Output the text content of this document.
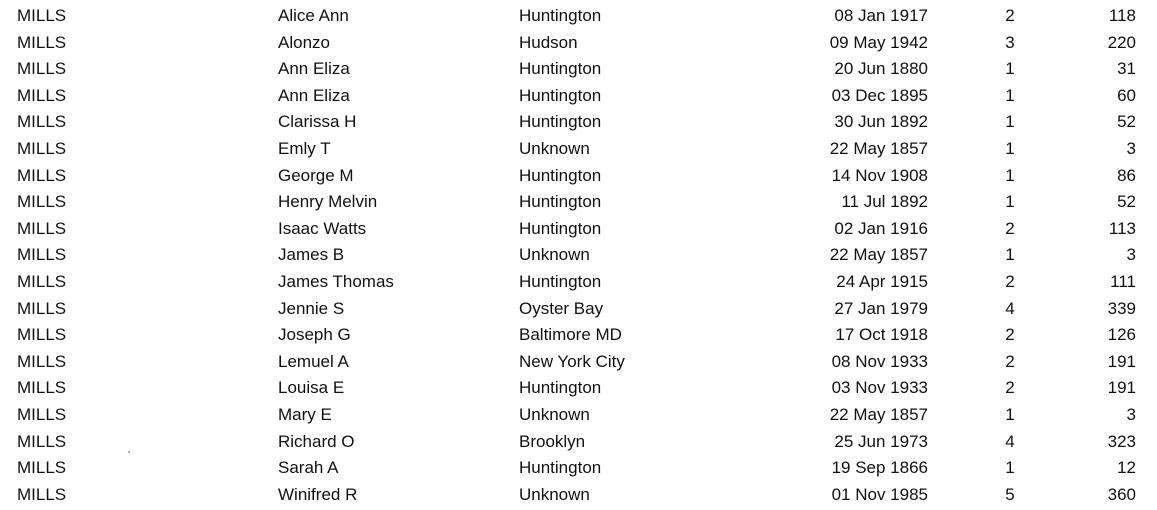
MILLS	Alice Ann	Huntington	08 Jan 1917	2	118
MILLS	Alonzo	Hudson	09 May 1942	3	220
MILLS	Ann Eliza	Huntington	20 Jun 1880	1	31
MILLS	Ann Eliza	Huntington	03 Dec 1895	1	60
MILLS	Clarissa H	Huntington	30 Jun 1892	1	52
MILLS	Emly T	Unknown	22 May 1857	1	3
MILLS	George M	Huntington	14 Nov 1908	1	86
MILLS	Henry Melvin	Huntington	11 Jul 1892	1	52
MILLS	Isaac Watts	Huntington	02 Jan 1916	2	113
MILLS	James B	Unknown	22 May 1857	1	3
MILLS	James Thomas	Huntington	24 Apr 1915	2	111
MILLS	Jennie S	Oyster Bay	27 Jan 1979	4	339
MILLS	Joseph G	Baltimore MD	17 Oct 1918	2	126
MILLS	Lemuel A	New York City	08 Nov 1933	2	191
MILLS	Louisa E	Huntington	03 Nov 1933	2	191
MILLS	Mary E	Unknown	22 May 1857	1	3
MILLS	Richard O	Brooklyn	25 Jun 1973	4	323
MILLS	Sarah A	Huntington	19 Sep 1866	1	12
MILLS	Winifred R	Unknown	01 Nov 1985	5	360
